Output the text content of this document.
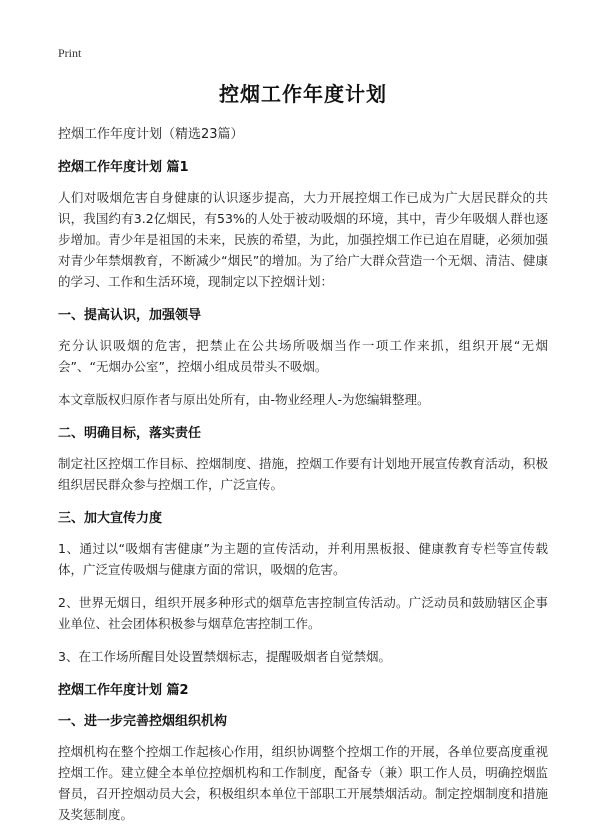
Print
控烟工作年度计划

控烟工作年度计划（精选23篇）

控烟工作年度计划 篇1

人们对吸烟危害自身健康的认识逐步提高，大力开展控烟工作已成为广大居民群众的共识，我国约有3.2亿烟民，有53%的人处于被动吸烟的环境，其中，青少年吸烟人群也逐步增加。青少年是祖国的未来，民族的希望，为此，加强控烟工作已迫在眉睫，必须加强对青少年禁烟教育，不断减少“烟民”的增加。为了给广大群众营造一个无烟、清洁、健康的学习、工作和生活环境，现制定以下控烟计划：

一、提高认识，加强领导

充分认识吸烟的危害，把禁止在公共场所吸烟当作一项工作来抓，组织开展“无烟会”、“无烟办公室”，控烟小组成员带头不吸烟。

本文章版权归原作者与原出处所有，由-物业经理人-为您编辑整理。

二、明确目标，落实责任

制定社区控烟工作目标、控烟制度、措施，控烟工作要有计划地开展宣传教育活动，积极组织居民群众参与控烟工作，广泛宣传。

三、加大宣传力度

1、通过以“吸烟有害健康”为主题的宣传活动，并利用黑板报、健康教育专栏等宣传载体，广泛宣传吸烟与健康方面的常识，吸烟的危害。

2、世界无烟日，组织开展多种形式的烟草危害控制宣传活动。广泛动员和鼓励辖区企事业单位、社会团体积极参与烟草危害控制工作。

3、在工作场所醒目处设置禁烟标志，提醒吸烟者自觉禁烟。

控烟工作年度计划 篇2

一、进一步完善控烟组织机构

控烟机构在整个控烟工作起核心作用，组织协调整个控烟工作的开展，各单位要高度重视控烟工作。建立健全本单位控烟机构和工作制度，配备专（兼）职工作人员，明确控烟监督员，召开控烟动员大会，积极组织本单位干部职工开展禁烟活动。制定控烟制度和措施及奖惩制度。
